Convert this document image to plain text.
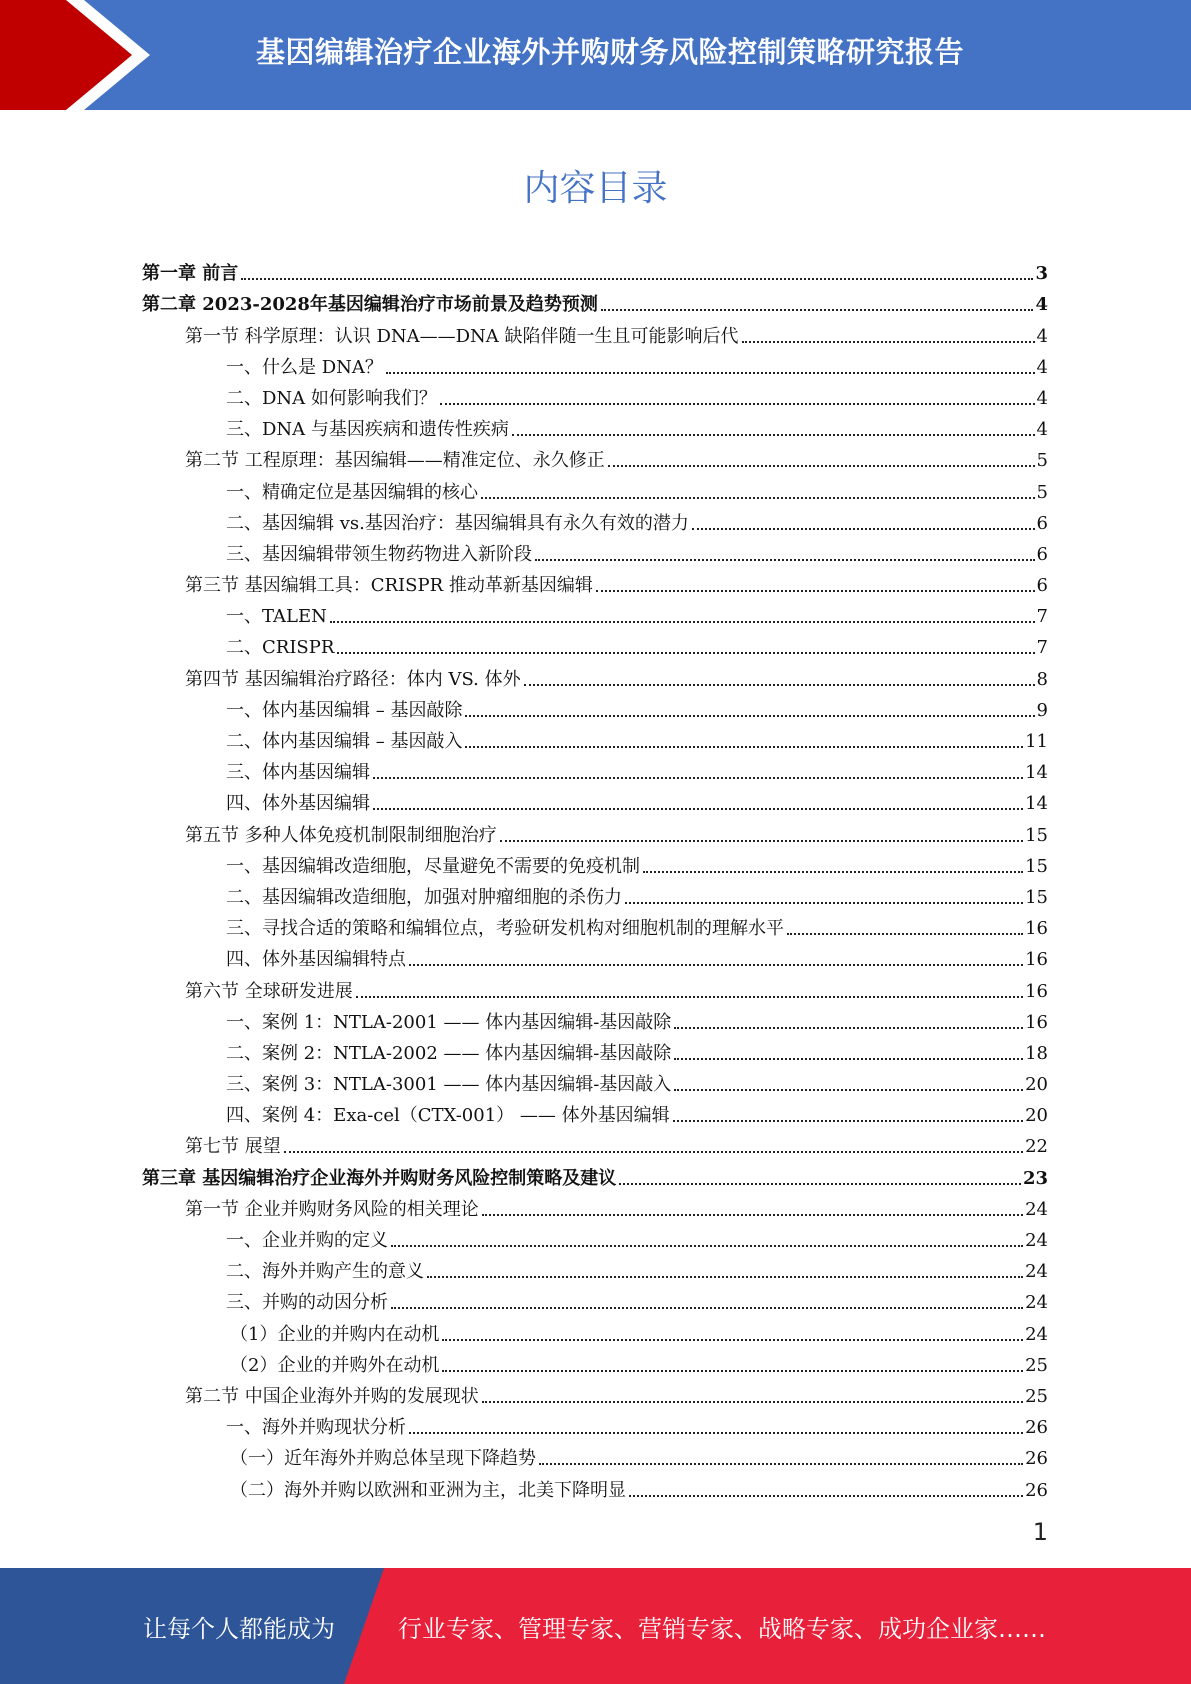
基因编辑治疗企业海外并购财务风险控制策略研究报告
内容目录
第一章 前言	3
第二章 2023-2028年基因编辑治疗市场前景及趋势预测	4
第一节 科学原理：认识 DNA——DNA 缺陷伴随一生且可能影响后代	4
一、什么是 DNA？	4
二、DNA 如何影响我们？	4
三、DNA 与基因疾病和遗传性疾病	4
第二节 工程原理：基因编辑——精准定位、永久修正	5
一、精确定位是基因编辑的核心	5
二、基因编辑 vs.基因治疗：基因编辑具有永久有效的潜力	6
三、基因编辑带领生物药物进入新阶段	6
第三节 基因编辑工具：CRISPR 推动革新基因编辑	6
一、TALEN	7
二、CRISPR	7
第四节 基因编辑治疗路径：体内 VS. 体外	8
一、体内基因编辑 – 基因敲除	9
二、体内基因编辑 – 基因敲入	11
三、体内基因编辑	14
四、体外基因编辑	14
第五节 多种人体免疫机制限制细胞治疗	15
一、基因编辑改造细胞，尽量避免不需要的免疫机制	15
二、基因编辑改造细胞，加强对肿瘤细胞的杀伤力	15
三、寻找合适的策略和编辑位点，考验研发机构对细胞机制的理解水平	16
四、体外基因编辑特点	16
第六节 全球研发进展	16
一、案例 1：NTLA-2001 —— 体内基因编辑-基因敲除	16
二、案例 2：NTLA-2002 —— 体内基因编辑-基因敲除	18
三、案例 3：NTLA-3001 —— 体内基因编辑-基因敲入	20
四、案例 4：Exa-cel（CTX-001） —— 体外基因编辑	20
第七节 展望	22
第三章 基因编辑治疗企业海外并购财务风险控制策略及建议	23
第一节 企业并购财务风险的相关理论	24
一、企业并购的定义	24
二、海外并购产生的意义	24
三、并购的动因分析	24
（1）企业的并购内在动机	24
（2）企业的并购外在动机	25
第二节 中国企业海外并购的发展现状	25
一、海外并购现状分析	26
（一）近年海外并购总体呈现下降趋势	26
（二）海外并购以欧洲和亚洲为主，北美下降明显	26
1
让每个人都能成为	行业专家、管理专家、营销专家、战略专家、成功企业家……
